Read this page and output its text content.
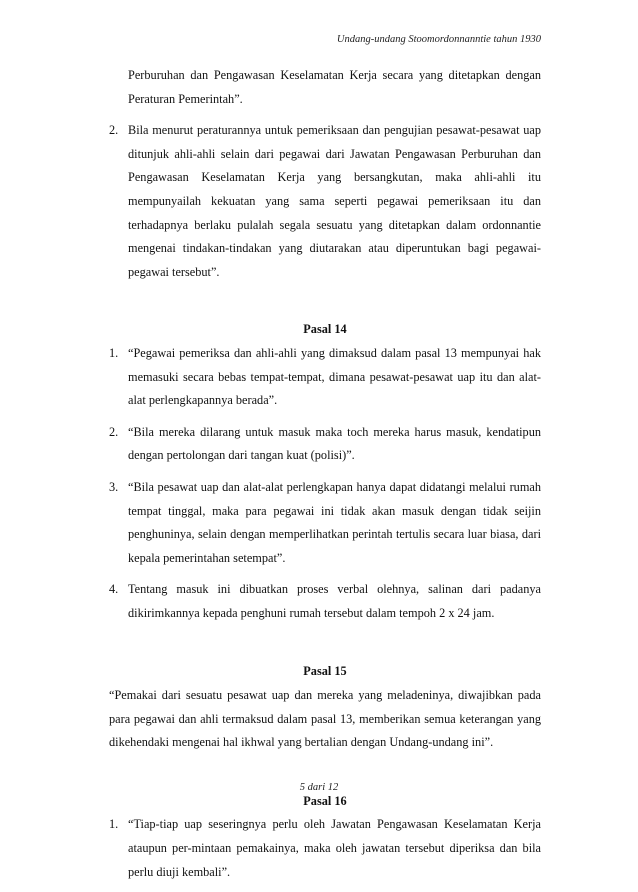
Undang-undang Stoomordonnanntie tahun 1930

Perburuhan dan Pengawasan Keselamatan Kerja secara yang ditetapkan dengan Peraturan Pemerintah”.

2. Bila menurut peraturannya untuk pemeriksaan dan pengujian pesawat-pesawat uap ditunjuk ahli-ahli selain dari pegawai dari Jawatan Pengawasan Perburuhan dan Pengawasan Keselamatan Kerja yang bersangkutan, maka ahli-ahli itu mempunyailah kekuatan yang sama seperti pegawai pemeriksaan itu dan terhadapnya berlaku pulalah segala sesuatu yang ditetapkan dalam ordonnantie mengenai tindakan-tindakan yang diutarakan atau diperuntukan bagi pegawai-pegawai tersebut”.

Pasal 14

1. “Pegawai pemeriksa dan ahli-ahli yang dimaksud dalam pasal 13 mempunyai hak memasuki secara bebas tempat-tempat, dimana pesawat-pesawat uap itu dan alat-alat perlengkapannya berada”.
2. “Bila mereka dilarang untuk masuk maka toch mereka harus masuk, kendatipun dengan pertolongan dari tangan kuat (polisi)”.
3. “Bila pesawat uap dan alat-alat perlengkapan hanya dapat didatangi melalui rumah tempat tinggal, maka para pegawai ini tidak akan masuk dengan tidak seijin penghuninya, selain dengan memperlihatkan perintah tertulis secara luar biasa, dari kepala pemerintahan setempat”.
4. Tentang masuk ini dibuatkan proses verbal olehnya, salinan dari padanya dikirimkannya kepada penghuni rumah tersebut dalam tempoh 2 x 24 jam.

Pasal 15

“Pemakai dari sesuatu pesawat uap dan mereka yang meladeninya, diwajibkan pada para pegawai dan ahli termaksud dalam pasal 13, memberikan semua keterangan yang dikehendaki mengenai hal ikhwal yang bertalian dengan Undang-undang ini”.

Pasal 16

1. “Tiap-tiap uap seseringnya perlu oleh Jawatan Pengawasan Keselamatan Kerja ataupun per-mintaan pemakainya, maka oleh jawatan tersebut diperiksa dan bila perlu diuji kembali”.
5 dari 12
